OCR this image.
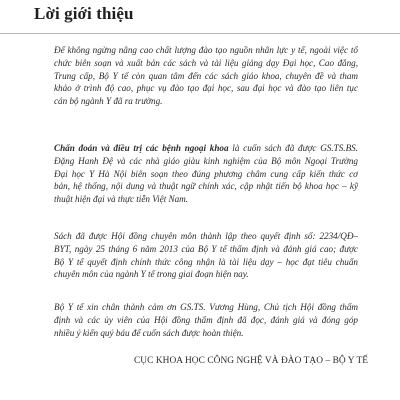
Lời giới thiệu
Để không ngừng nâng cao chất lượng đào tạo nguồn nhân lực y tế, ngoài việc tổ
chức biên soạn và xuất bản các sách và tài liệu giảng dạy Đại học, Cao đẳng,
Trung cấp, Bộ Y tế còn quan tâm đến các sách giáo khoa, chuyên đề và tham
khảo ở trình độ cao, phục vụ đào tạo đại học, sau đại học và đào tạo liên tục
cán bộ ngành Y đã ra trường.
Chẩn đoán và điều trị các bệnh ngoại khoa là cuốn sách đã được GS.TS.BS.
Đặng Hanh Đệ và các nhà giáo giàu kinh nghiệm của Bộ môn Ngoại Trường
Đại học Y Hà Nội biên soạn theo đúng phương châm cung cấp kiến thức cơ
bản, hệ thống, nội dung và thuật ngữ chính xác, cập nhật tiến bộ khoa học – kỹ
thuật hiện đại và thực tiễn Việt Nam.
Sách đã được Hội đồng chuyên môn thành lập theo quyết định số: 2234/QĐ–
BYT, ngày 25 tháng 6 năm 2013 của Bộ Y tế thẩm định và đánh giá cao; được
Bộ Y tế quyết định chính thức công nhận là tài liệu dạy – học đạt tiêu chuẩn
chuyên môn của ngành Y tế trong giai đoạn hiện nay.
Bộ Y tế xin chân thành cảm ơn GS.TS. Vương Hùng, Chủ tịch Hội đồng thẩm
định và các ủy viên của Hội đồng thẩm định đã đọc, đánh giá và đóng góp
nhiều ý kiến quý báu để cuốn sách được hoàn thiện.
CỤC KHOA HỌC CÔNG NGHỆ VÀ ĐÀO TẠO – BỘ Y TẾ
